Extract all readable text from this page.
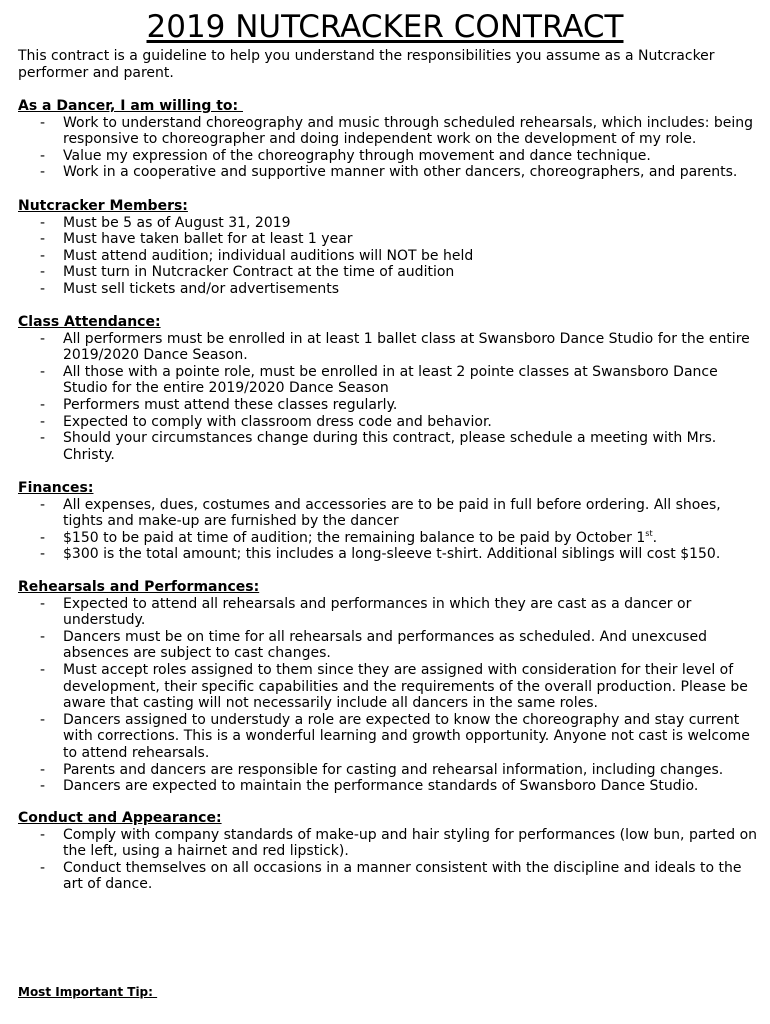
2019 NUTCRACKER CONTRACT

This contract is a guideline to help you understand the responsibilities you assume as a Nutcracker performer and parent.

As a Dancer, I am willing to:

- Work to understand choreography and music through scheduled rehearsals, which includes: being responsive to choreographer and doing independent work on the development of my role.
- Value my expression of the choreography through movement and dance technique.
- Work in a cooperative and supportive manner with other dancers, choreographers, and parents.

Nutcracker Members:

- Must be 5 as of August 31, 2019
- Must have taken ballet for at least 1 year
- Must attend audition; individual auditions will NOT be held
- Must turn in Nutcracker Contract at the time of audition
- Must sell tickets and/or advertisements

Class Attendance:

- All performers must be enrolled in at least 1 ballet class at Swansboro Dance Studio for the entire 2019/2020 Dance Season.
- All those with a pointe role, must be enrolled in at least 2 pointe classes at Swansboro Dance Studio for the entire 2019/2020 Dance Season
- Performers must attend these classes regularly.
- Expected to comply with classroom dress code and behavior.
- Should your circumstances change during this contract, please schedule a meeting with Mrs. Christy.

Finances:

- All expenses, dues, costumes and accessories are to be paid in full before ordering. All shoes, tights and make-up are furnished by the dancer
- $150 to be paid at time of audition; the remaining balance to be paid by October 1st.
- $300 is the total amount; this includes a long-sleeve t-shirt. Additional siblings will cost $150.

Rehearsals and Performances:

- Expected to attend all rehearsals and performances in which they are cast as a dancer or understudy.
- Dancers must be on time for all rehearsals and performances as scheduled. And unexcused absences are subject to cast changes.
- Must accept roles assigned to them since they are assigned with consideration for their level of development, their specific capabilities and the requirements of the overall production. Please be aware that casting will not necessarily include all dancers in the same roles.
- Dancers assigned to understudy a role are expected to know the choreography and stay current with corrections. This is a wonderful learning and growth opportunity. Anyone not cast is welcome to attend rehearsals.
- Parents and dancers are responsible for casting and rehearsal information, including changes.
- Dancers are expected to maintain the performance standards of Swansboro Dance Studio.

Conduct and Appearance:

- Comply with company standards of make-up and hair styling for performances (low bun, parted on the left, using a hairnet and red lipstick).
- Conduct themselves on all occasions in a manner consistent with the discipline and ideals to the art of dance.
Most Important Tip:
